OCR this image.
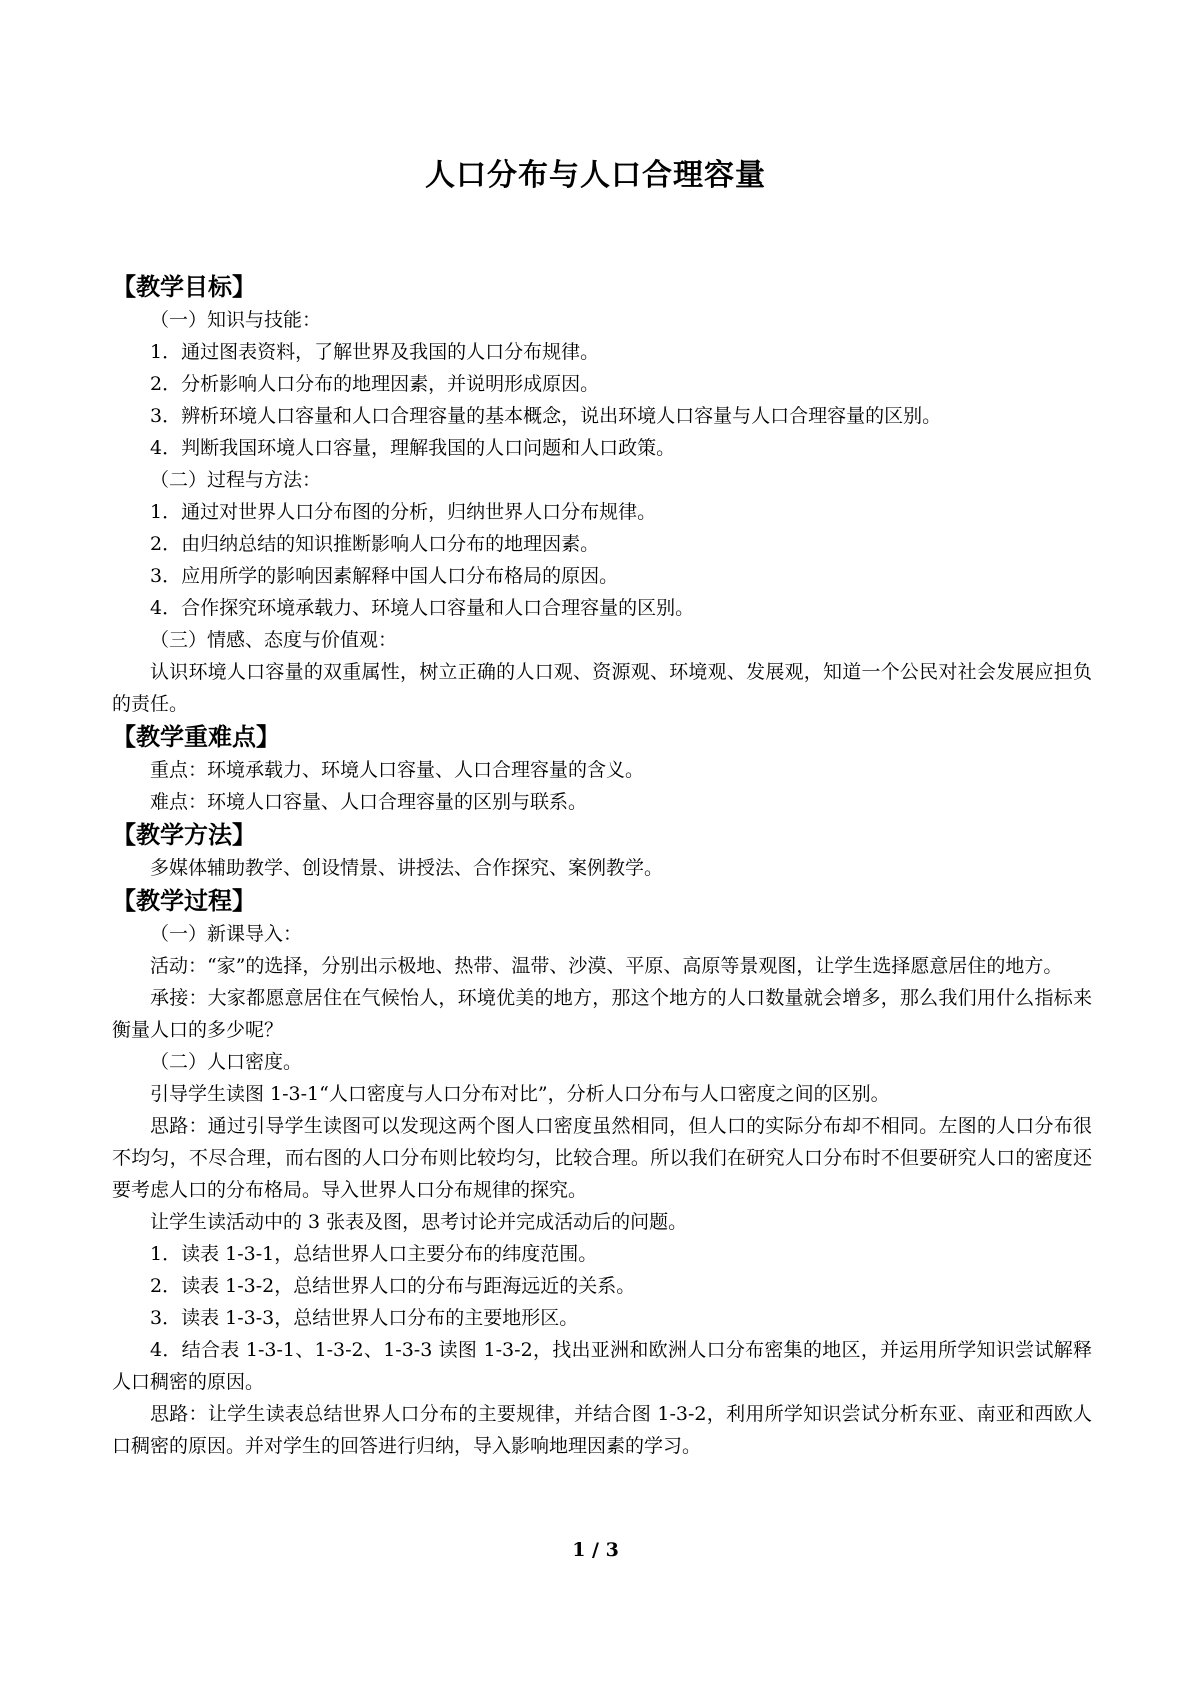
人口分布与人口合理容量

【教学目标】

（一）知识与技能：

1．通过图表资料，了解世界及我国的人口分布规律。

2．分析影响人口分布的地理因素，并说明形成原因。

3．辨析环境人口容量和人口合理容量的基本概念，说出环境人口容量与人口合理容量的区别。

4．判断我国环境人口容量，理解我国的人口问题和人口政策。

（二）过程与方法：

1．通过对世界人口分布图的分析，归纳世界人口分布规律。

2．由归纳总结的知识推断影响人口分布的地理因素。

3．应用所学的影响因素解释中国人口分布格局的原因。

4．合作探究环境承载力、环境人口容量和人口合理容量的区别。

（三）情感、态度与价值观：

认识环境人口容量的双重属性，树立正确的人口观、资源观、环境观、发展观，知道一个公民对社会发展应担负的责任。

【教学重难点】

重点：环境承载力、环境人口容量、人口合理容量的含义。

难点：环境人口容量、人口合理容量的区别与联系。

【教学方法】

多媒体辅助教学、创设情景、讲授法、合作探究、案例教学。

【教学过程】

（一）新课导入：

活动：“家”的选择，分别出示极地、热带、温带、沙漠、平原、高原等景观图，让学生选择愿意居住的地方。

承接：大家都愿意居住在气候怡人，环境优美的地方，那这个地方的人口数量就会增多，那么我们用什么指标来衡量人口的多少呢？

（二）人口密度。

引导学生读图 1-3-1“人口密度与人口分布对比”，分析人口分布与人口密度之间的区别。

思路：通过引导学生读图可以发现这两个图人口密度虽然相同，但人口的实际分布却不相同。左图的人口分布很不均匀，不尽合理，而右图的人口分布则比较均匀，比较合理。所以我们在研究人口分布时不但要研究人口的密度还要考虑人口的分布格局。导入世界人口分布规律的探究。

让学生读活动中的 3 张表及图，思考讨论并完成活动后的问题。

1．读表 1-3-1，总结世界人口主要分布的纬度范围。

2．读表 1-3-2，总结世界人口的分布与距海远近的关系。

3．读表 1-3-3，总结世界人口分布的主要地形区。

4．结合表 1-3-1、1-3-2、1-3-3 读图 1-3-2，找出亚洲和欧洲人口分布密集的地区，并运用所学知识尝试解释人口稠密的原因。

思路：让学生读表总结世界人口分布的主要规律，并结合图 1-3-2，利用所学知识尝试分析东亚、南亚和西欧人口稠密的原因。并对学生的回答进行归纳，导入影响地理因素的学习。

1 / 3
